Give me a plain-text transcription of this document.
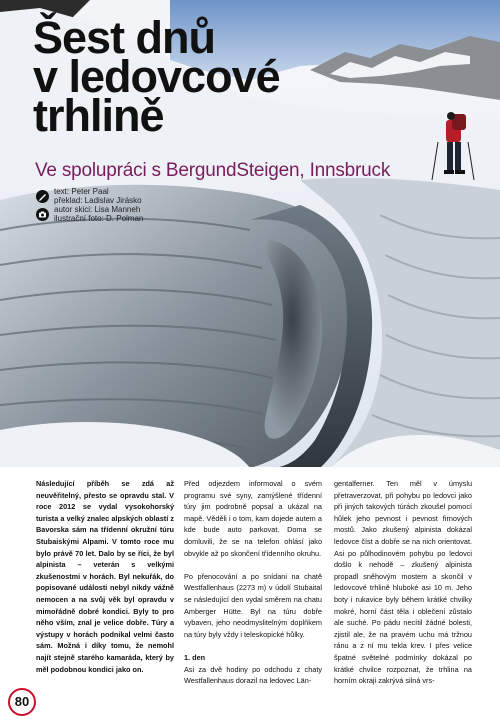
Šest dnů
v ledovcové
trhlině
Ve spolupráci s BergundSteigen, Innsbruck
text: Peter Paal
překlad: Ladislav Jirásko
autor skici: Lisa Manneh
ilustrační foto: D. Polman

Následující příběh se zdá až neuvěřitelný, přesto se opravdu stal. V roce 2012 se vydal vysokohorský turista a velký znalec alpských oblastí z Bavorska sám na třídenní okružní túru Stubaiskými Alpami. V tomto roce mu bylo právě 70 let. Dalo by se říci, že byl alpinista – veterán s velkými zkušenostmi v horách. Byl nekuřák, do popisované události nebyl nikdy vážně nemocen a na svůj věk byl opravdu v mimořádně dobré kondici. Byly to pro něho vším, znal je velice dobře. Túry a výstupy v horách podnikal velmi často sám. Možná i díky tomu, že nemohl najít stejně starého kamaráda, který by měl podobnou kondici jako on.

Před odjezdem informoval o svém programu své syny, zamýšlené třídenní túry jim podrobně popsal a ukázal na mapě. Věděli i o tom, kam dojede autem a kde bude auto parkovat. Doma se domluvili, že se na telefon ohlásí jako obvykle až po skončení třídenního okruhu.

Po přenocování a po snídani na chatě Westfallenhaus (2273 m) v údolí Stubaital se následující den vydal směrem na chatu Amberger Hütte. Byl na túru dobře vybaven, jeho neodmyslitelným doplňkem na túry byly vždy i teleskopické hůlky.

1. den

Asi za dvě hodiny po odchodu z chaty Westfallenhaus dorazil na ledovec Län-

gentalferner. Ten měl v úmyslu přetraverzovat, při pohybu po ledovci jako při jiných takových túrách zkoušel pomocí hůlek jeho pevnost i pevnost firnových mostů. Jako zkušený alpinista dokázal ledovce číst a dobře se na nich orientovat. Asi po půlhodinovém pohybu po ledovci došlo k nehodě – zkušený alpinista propadl sněhovým mostem a skončil v ledovcové trhlině hluboké asi 10 m. Jeho boty i rukavice byly během krátké chvilky mokré, horní část těla i oblečení zůstalo ale suché. Po pádu necítil žádné bolesti, zjistil ale, že na pravém uchu má tržnou ránu a z ní mu tekla krev. I přes velice špatné světelné podmínky dokázal po krátké chvilce rozpoznat, že trhlina na horním okraji zakrývá silná vrs-

80
